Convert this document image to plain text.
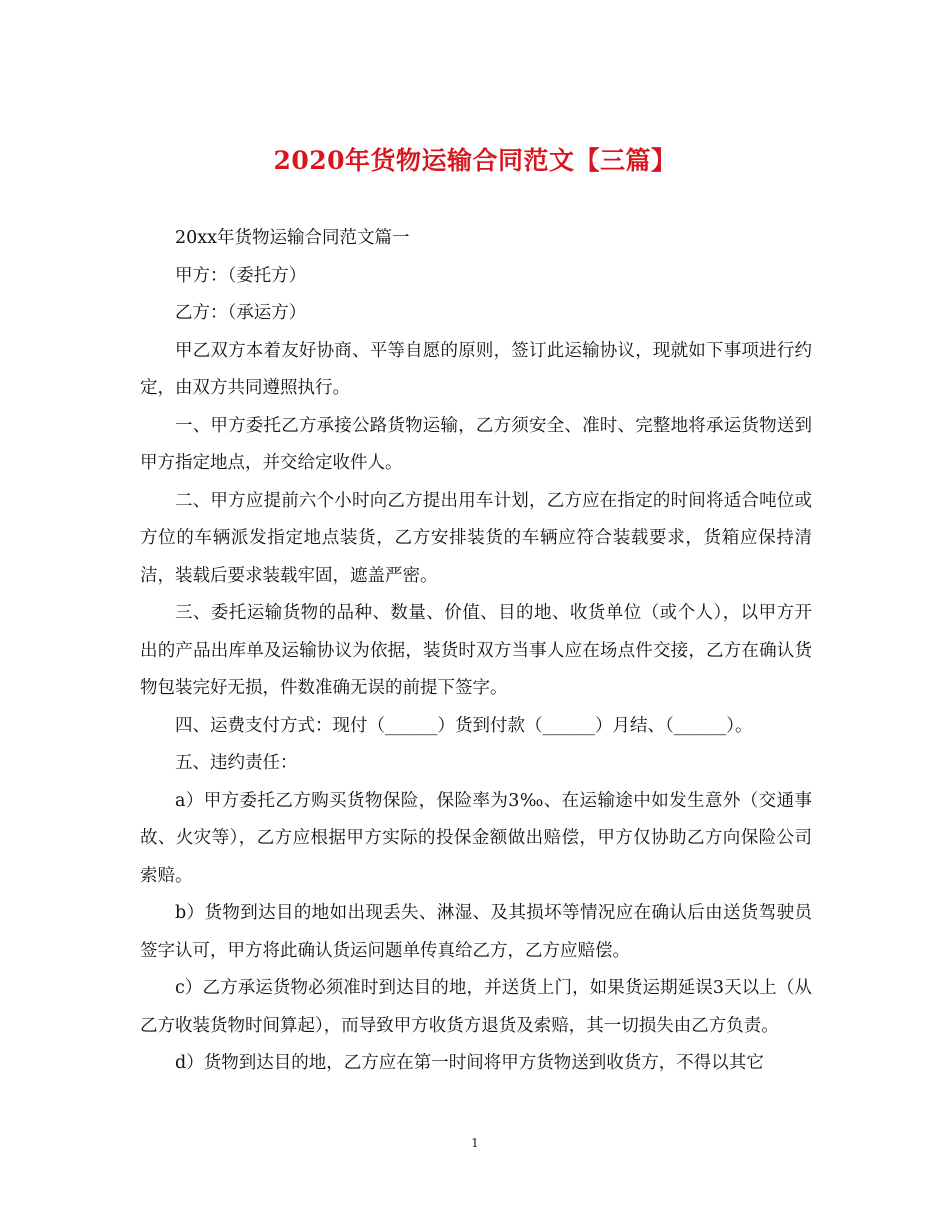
2020年货物运输合同范文【三篇】

20xx年货物运输合同范文篇一

甲方：（委托方）

乙方：（承运方）

甲乙双方本着友好协商、平等自愿的原则，签订此运输协议，现就如下事项进行约定，由双方共同遵照执行。

一、甲方委托乙方承接公路货物运输，乙方须安全、准时、完整地将承运货物送到甲方指定地点，并交给定收件人。

二、甲方应提前六个小时向乙方提出用车计划，乙方应在指定的时间将适合吨位或方位的车辆派发指定地点装货，乙方安排装货的车辆应符合装载要求，货箱应保持清洁，装载后要求装载牢固，遮盖严密。

三、委托运输货物的品种、数量、价值、目的地、收货单位（或个人），以甲方开出的产品出库单及运输协议为依据，装货时双方当事人应在场点件交接，乙方在确认货物包装完好无损，件数准确无误的前提下签字。

四、运费支付方式：现付（______）货到付款（______）月结、（______）。

五、违约责任：

a）甲方委托乙方购买货物保险，保险率为3‰、在运输途中如发生意外（交通事故、火灾等），乙方应根据甲方实际的投保金额做出赔偿，甲方仅协助乙方向保险公司索赔。

b）货物到达目的地如出现丢失、淋湿、及其损坏等情况应在确认后由送货驾驶员签字认可，甲方将此确认货运问题单传真给乙方，乙方应赔偿。

c）乙方承运货物必须准时到达目的地，并送货上门，如果货运期延误3天以上（从乙方收装货物时间算起），而导致甲方收货方退货及索赔，其一切损失由乙方负责。

d）货物到达目的地，乙方应在第一时间将甲方货物送到收货方，不得以其它

1
